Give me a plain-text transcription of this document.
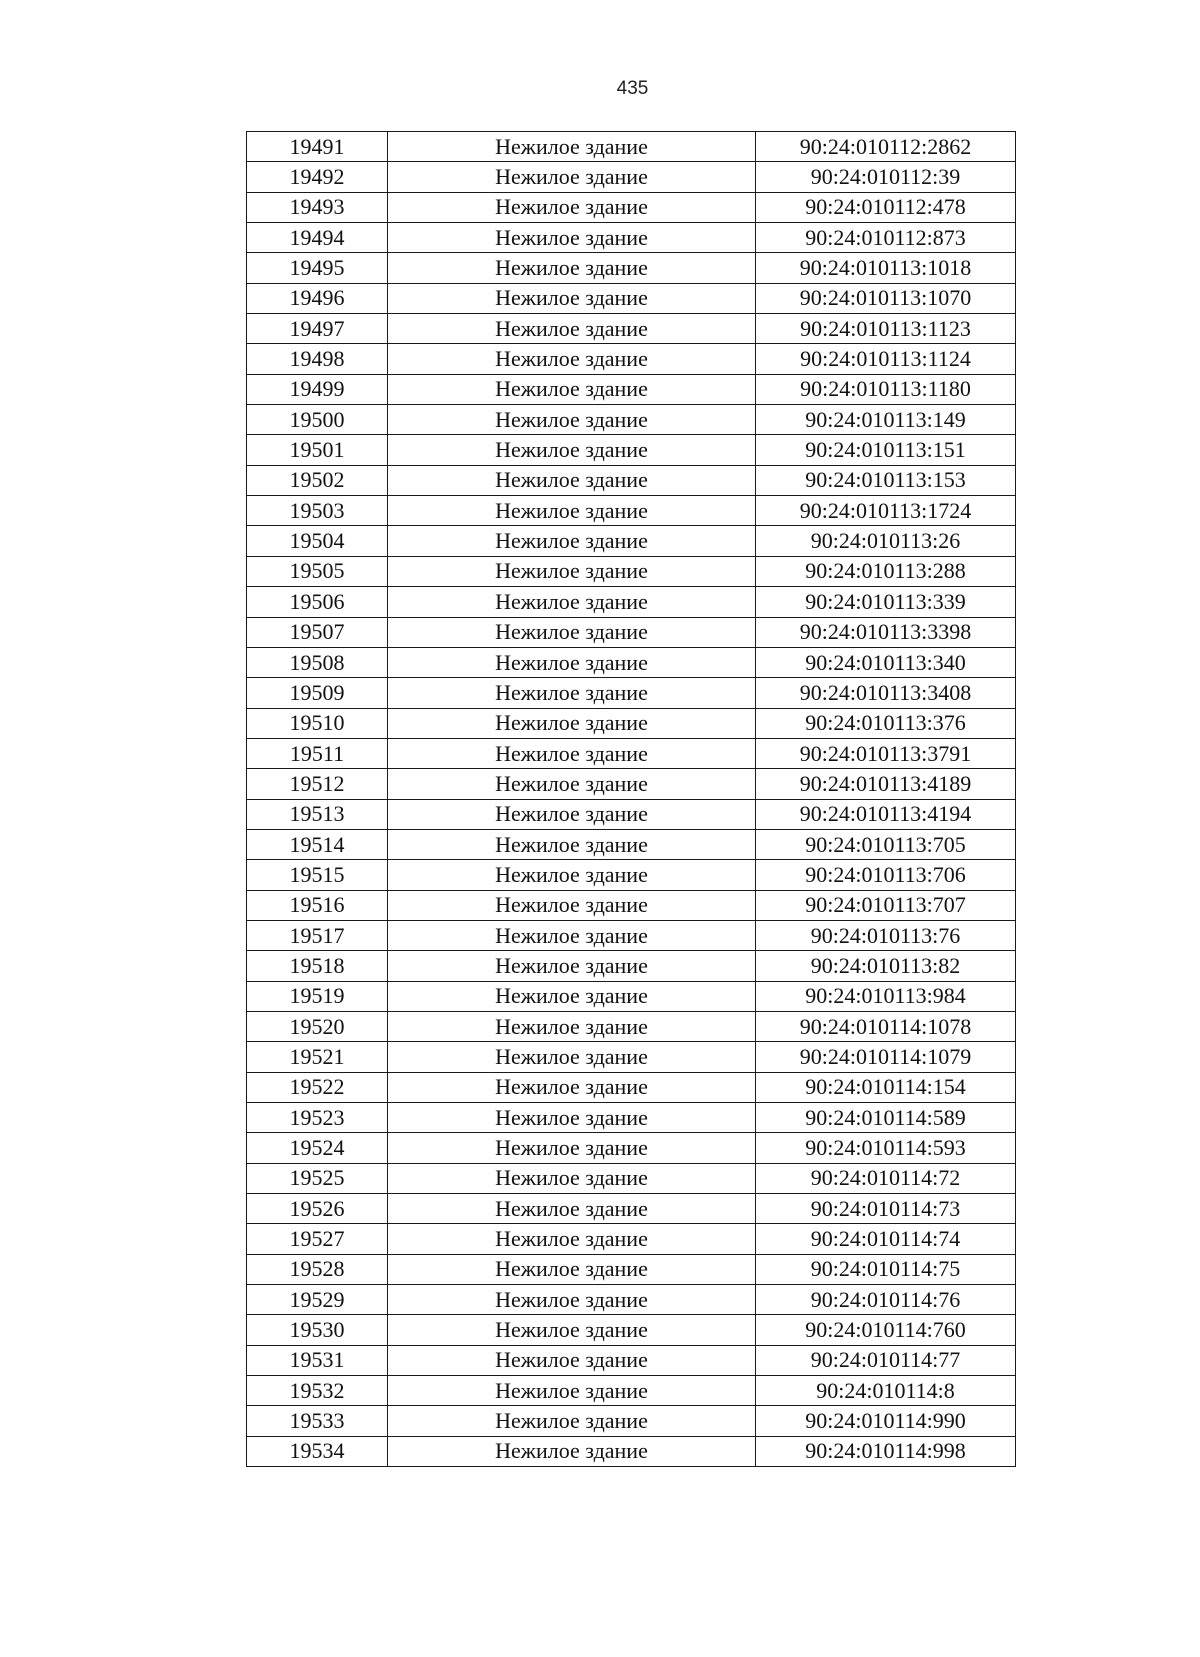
435
19491	Нежилое здание	90:24:010112:2862
19492	Нежилое здание	90:24:010112:39
19493	Нежилое здание	90:24:010112:478
19494	Нежилое здание	90:24:010112:873
19495	Нежилое здание	90:24:010113:1018
19496	Нежилое здание	90:24:010113:1070
19497	Нежилое здание	90:24:010113:1123
19498	Нежилое здание	90:24:010113:1124
19499	Нежилое здание	90:24:010113:1180
19500	Нежилое здание	90:24:010113:149
19501	Нежилое здание	90:24:010113:151
19502	Нежилое здание	90:24:010113:153
19503	Нежилое здание	90:24:010113:1724
19504	Нежилое здание	90:24:010113:26
19505	Нежилое здание	90:24:010113:288
19506	Нежилое здание	90:24:010113:339
19507	Нежилое здание	90:24:010113:3398
19508	Нежилое здание	90:24:010113:340
19509	Нежилое здание	90:24:010113:3408
19510	Нежилое здание	90:24:010113:376
19511	Нежилое здание	90:24:010113:3791
19512	Нежилое здание	90:24:010113:4189
19513	Нежилое здание	90:24:010113:4194
19514	Нежилое здание	90:24:010113:705
19515	Нежилое здание	90:24:010113:706
19516	Нежилое здание	90:24:010113:707
19517	Нежилое здание	90:24:010113:76
19518	Нежилое здание	90:24:010113:82
19519	Нежилое здание	90:24:010113:984
19520	Нежилое здание	90:24:010114:1078
19521	Нежилое здание	90:24:010114:1079
19522	Нежилое здание	90:24:010114:154
19523	Нежилое здание	90:24:010114:589
19524	Нежилое здание	90:24:010114:593
19525	Нежилое здание	90:24:010114:72
19526	Нежилое здание	90:24:010114:73
19527	Нежилое здание	90:24:010114:74
19528	Нежилое здание	90:24:010114:75
19529	Нежилое здание	90:24:010114:76
19530	Нежилое здание	90:24:010114:760
19531	Нежилое здание	90:24:010114:77
19532	Нежилое здание	90:24:010114:8
19533	Нежилое здание	90:24:010114:990
19534	Нежилое здание	90:24:010114:998
